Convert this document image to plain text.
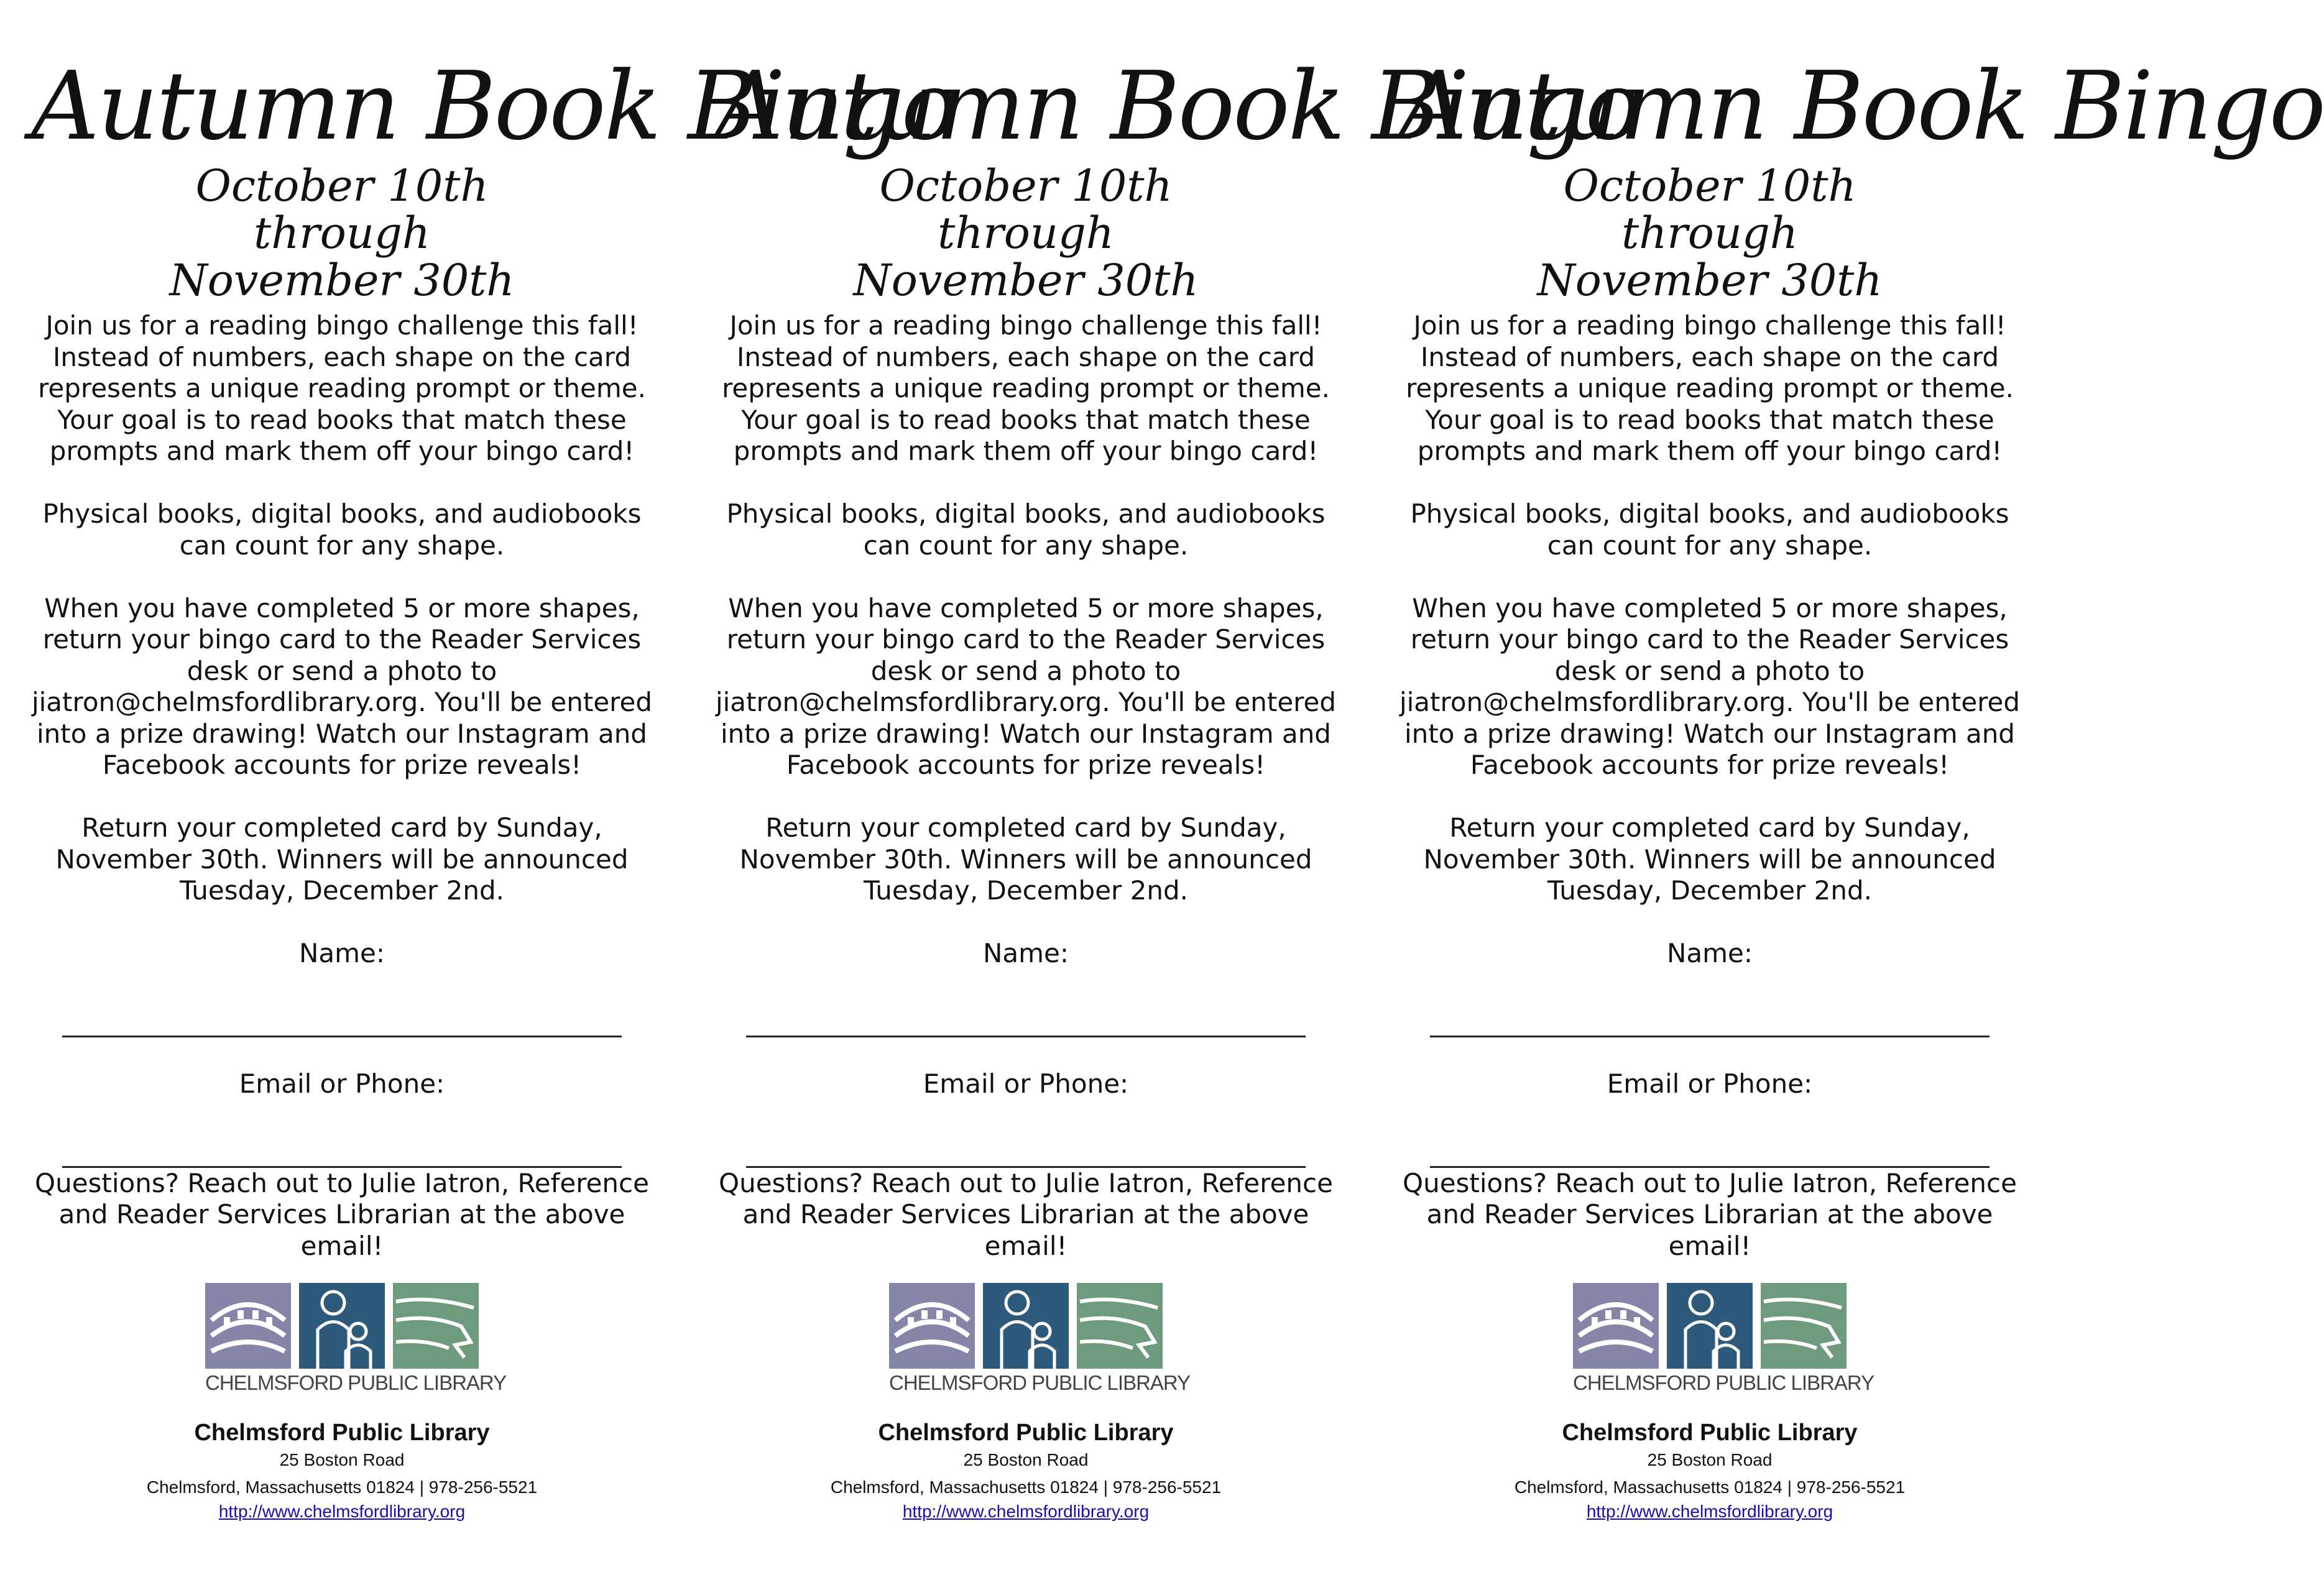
Autumn Book Bingo
October 10th
through
November 30th
Join us for a reading bingo challenge this fall! Instead of numbers, each shape on the card represents a unique reading prompt or theme. Your goal is to read books that match these prompts and mark them off your bingo card!
Physical books, digital books, and audiobooks can count for any shape.
When you have completed 5 or more shapes, return your bingo card to the Reader Services desk or send a photo to jiatron@chelmsfordlibrary.org. You'll be entered into a prize drawing! Watch our Instagram and Facebook accounts for prize reveals!
Return your completed card by Sunday, November 30th. Winners will be announced Tuesday, December 2nd.
Name:
Email or Phone:
Questions? Reach out to Julie Iatron, Reference and Reader Services Librarian at the above email!
CHELMSFORD PUBLIC LIBRARY
Chelmsford Public Library
25 Boston Road
Chelmsford, Massachusetts 01824 | 978-256-5521
http://www.chelmsfordlibrary.org
Autumn Book Bingo
October 10th
through
November 30th
Join us for a reading bingo challenge this fall! Instead of numbers, each shape on the card represents a unique reading prompt or theme. Your goal is to read books that match these prompts and mark them off your bingo card!
Physical books, digital books, and audiobooks can count for any shape.
When you have completed 5 or more shapes, return your bingo card to the Reader Services desk or send a photo to jiatron@chelmsfordlibrary.org. You'll be entered into a prize drawing! Watch our Instagram and Facebook accounts for prize reveals!
Return your completed card by Sunday, November 30th. Winners will be announced Tuesday, December 2nd.
Name:
Email or Phone:
Questions? Reach out to Julie Iatron, Reference and Reader Services Librarian at the above email!
CHELMSFORD PUBLIC LIBRARY
Chelmsford Public Library
25 Boston Road
Chelmsford, Massachusetts 01824 | 978-256-5521
http://www.chelmsfordlibrary.org
Autumn Book Bingo
October 10th
through
November 30th
Join us for a reading bingo challenge this fall! Instead of numbers, each shape on the card represents a unique reading prompt or theme. Your goal is to read books that match these prompts and mark them off your bingo card!
Physical books, digital books, and audiobooks can count for any shape.
When you have completed 5 or more shapes, return your bingo card to the Reader Services desk or send a photo to jiatron@chelmsfordlibrary.org. You'll be entered into a prize drawing! Watch our Instagram and Facebook accounts for prize reveals!
Return your completed card by Sunday, November 30th. Winners will be announced Tuesday, December 2nd.
Name:
Email or Phone:
Questions? Reach out to Julie Iatron, Reference and Reader Services Librarian at the above email!
CHELMSFORD PUBLIC LIBRARY
Chelmsford Public Library
25 Boston Road
Chelmsford, Massachusetts 01824 | 978-256-5521
http://www.chelmsfordlibrary.org
